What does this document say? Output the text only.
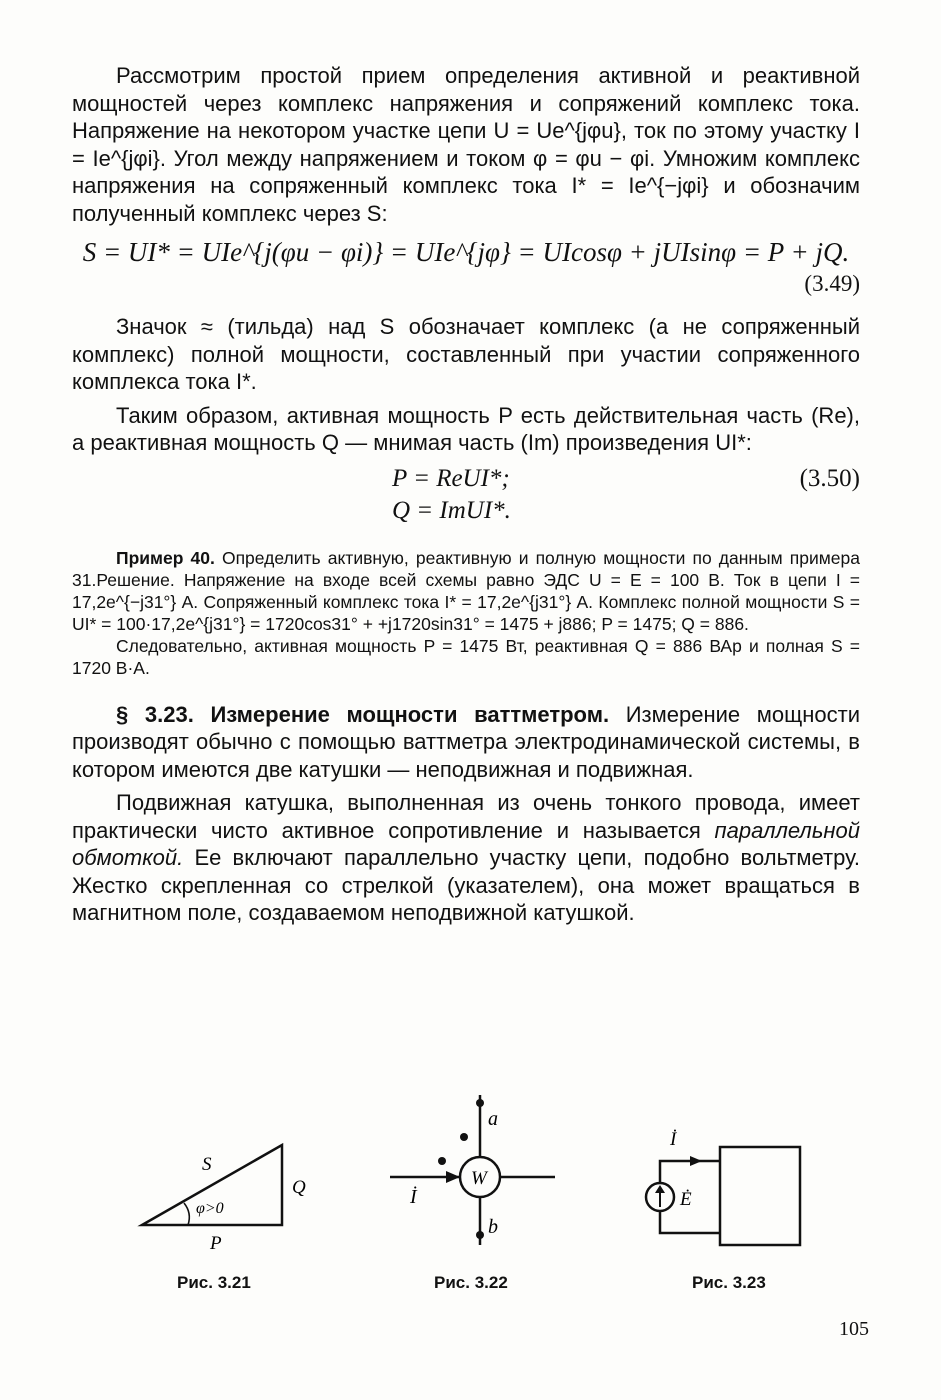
Рассмотрим простой прием определения активной и реактивной мощностей через комплекс напряжения и сопряжений комплекс тока. Напряжение на некотором участке цепи U = Ue^{jφu}, ток по этому участку I = Ie^{jφi}. Угол между напряжением и током φ = φu − φi. Умножим комплекс напряжения на сопряженный комплекс тока I* = Ie^{−jφi} и обозначим полученный комплекс через S:

S = UI* = UIe^{j(φu − φi)} = UIe^{jφ} = UIcosφ + jUIsinφ = P + jQ.
(3.49)

Значок ≈ (тильда) над S обозначает комплекс (а не сопряженный комплекс) полной мощности, составленный при участии сопряженного комплекса тока I*.

Таким образом, активная мощность P есть действительная часть (Re), а реактивная мощность Q — мнимая часть (Im) произведения UI*:

P = ReUI*;
Q = ImUI*.
(3.50)

Пример 40. Определить активную, реактивную и полную мощности по данным примера 31.Решение. Напряжение на входе всей схемы равно ЭДС U = E = 100 В. Ток в цепи I = 17,2e^{−j31°} А. Сопряженный комплекс тока I* = 17,2e^{j31°} А. Комплекс полной мощности S = UI* = 100·17,2e^{j31°} = 1720cos31° + +j1720sin31° = 1475 + j886; P = 1475; Q = 886.

Следовательно, активная мощность P = 1475 Вт, реактивная Q = 886 ВАр и полная S = 1720 В·А.

§ 3.23. Измерение мощности ваттметром. Измерение мощности производят обычно с помощью ваттметра электродинамической системы, в котором имеются две катушки — неподвижная и подвижная.

Подвижная катушка, выполненная из очень тонкого провода, имеет практически чисто активное сопротивление и называется параллельной обмоткой. Ее включают параллельно участку цепи, подобно вольтметру. Жестко скрепленная со стрелкой (указателем), она может вращаться в магнитном поле, создаваемом неподвижной катушкой.

S
Q
P
φ>0
Рис. 3.21
W
a
b
İ
Рис. 3.22
İ
Ė
Рис. 3.23
105
